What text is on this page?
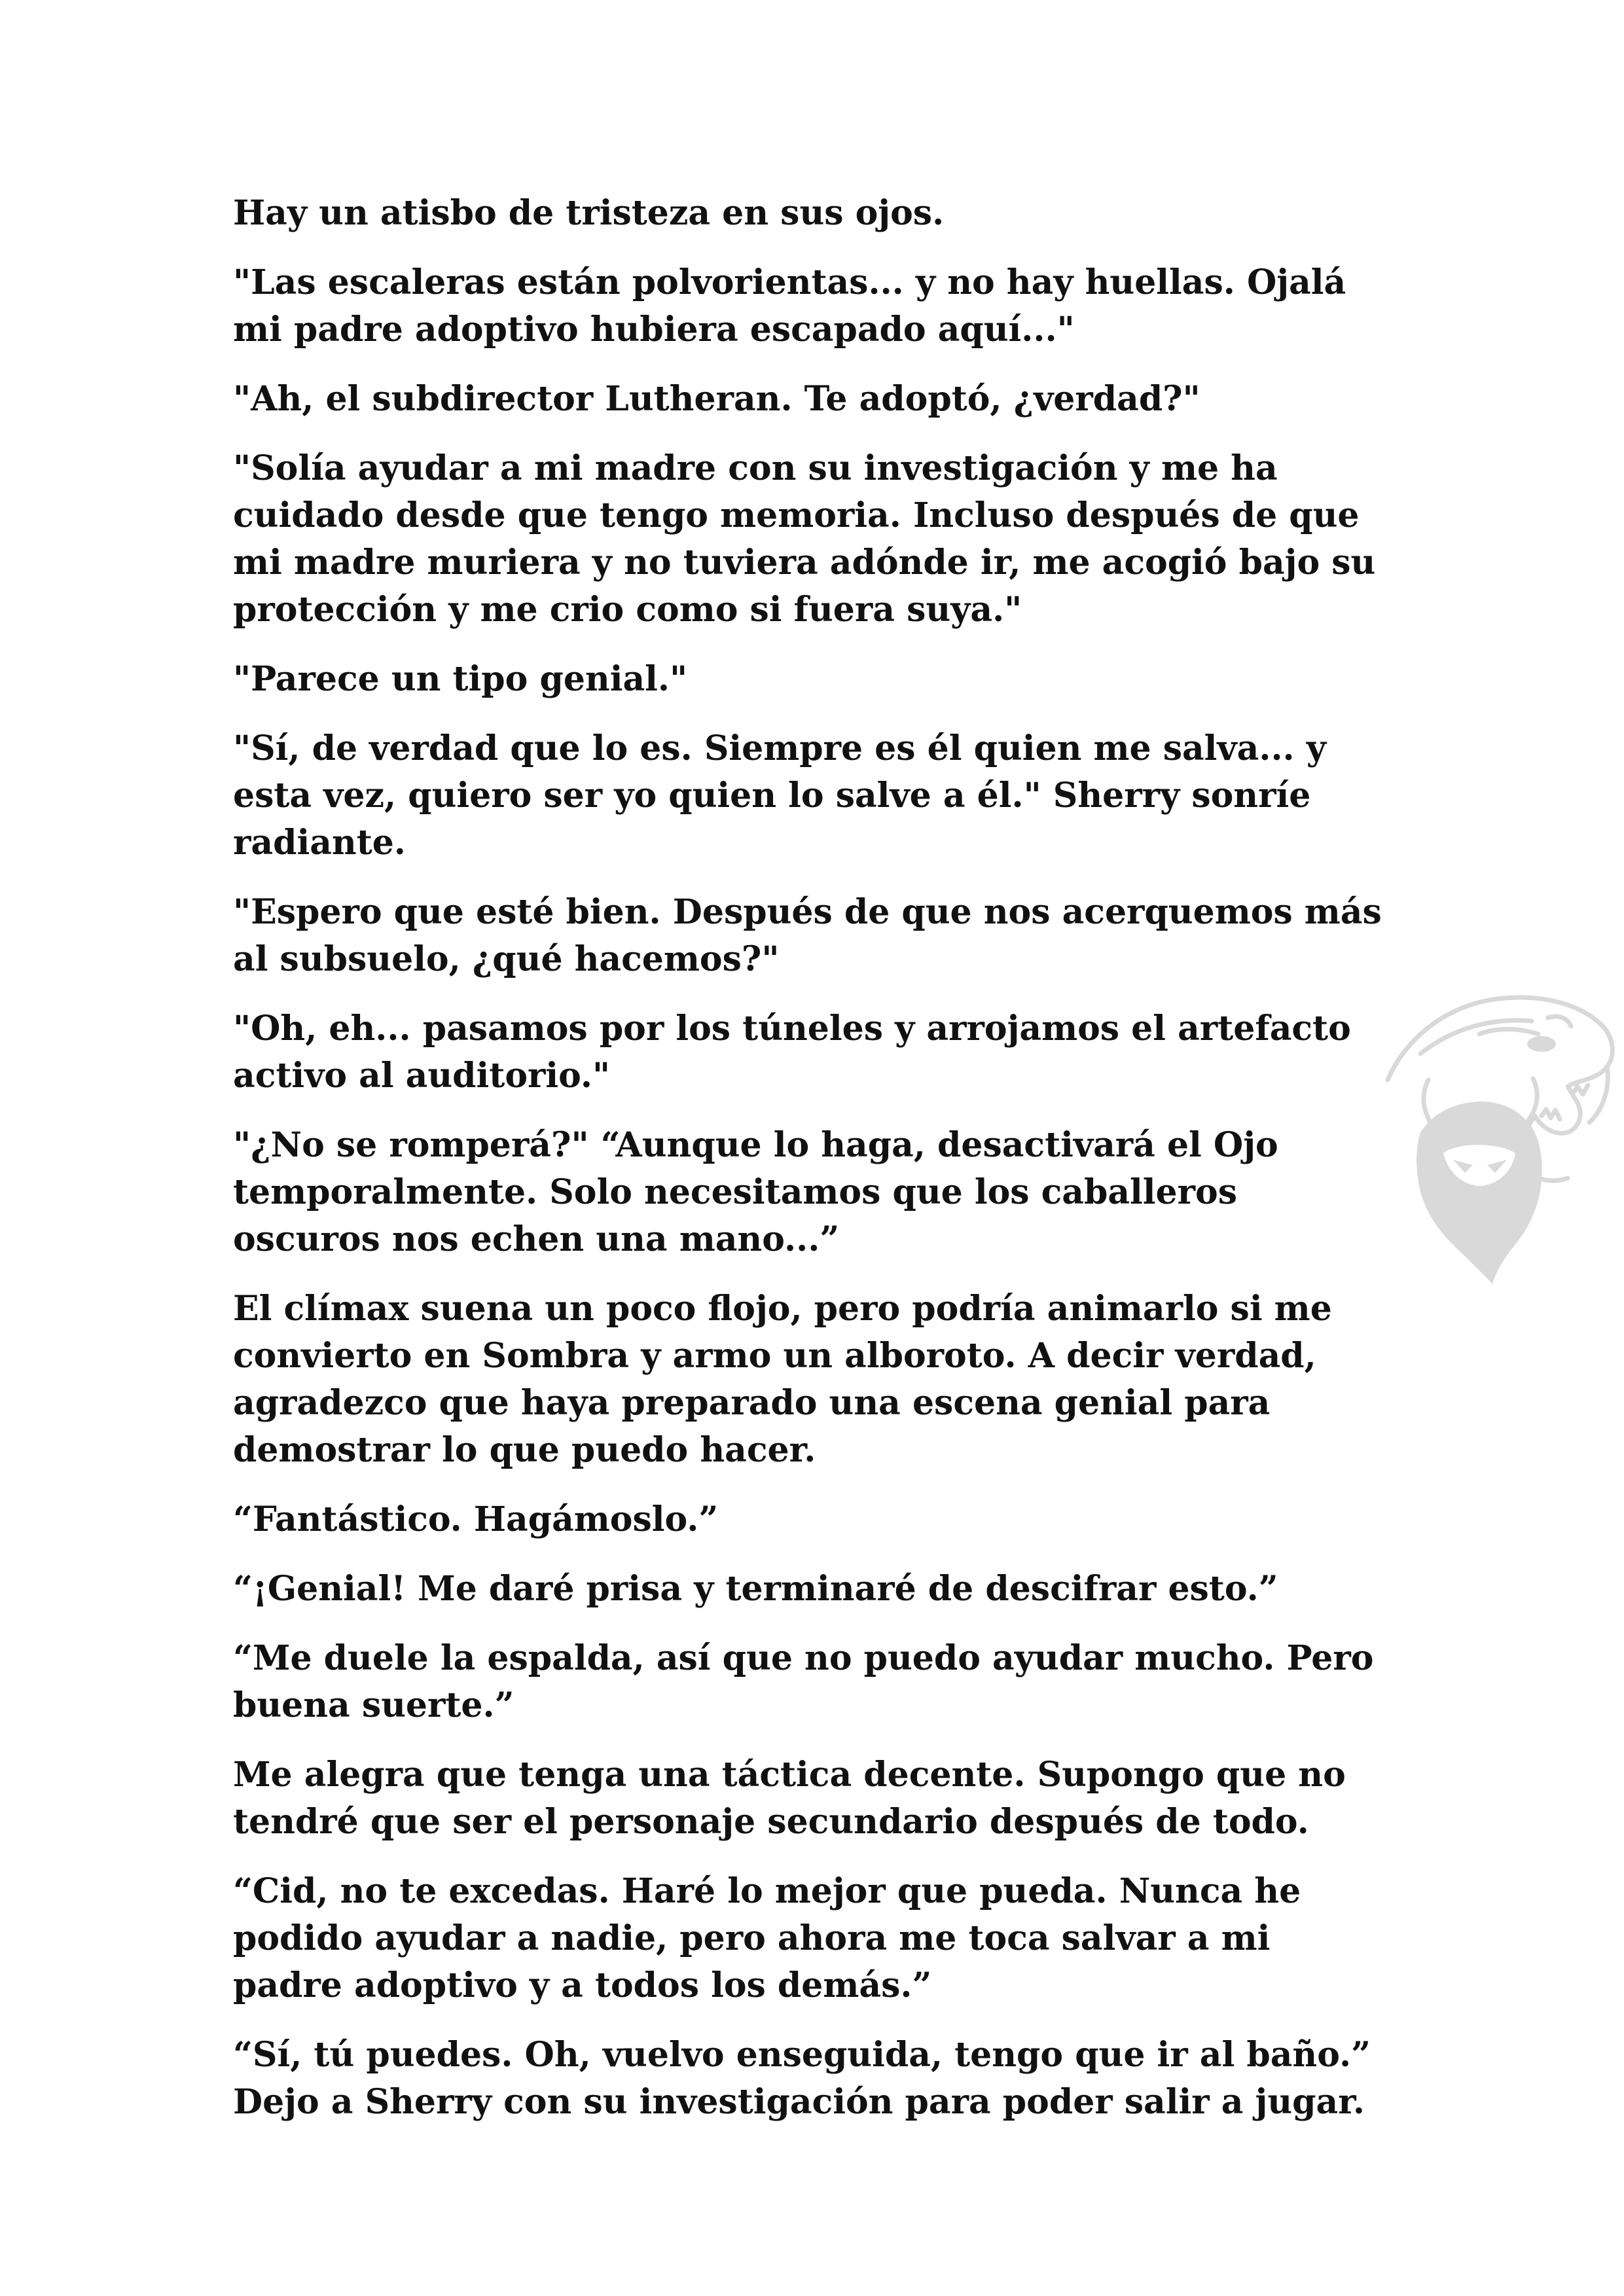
Hay un atisbo de tristeza en sus ojos.

"Las escaleras están polvorientas... y no hay huellas. Ojalá
mi padre adoptivo hubiera escapado aquí..."

"Ah, el subdirector Lutheran. Te adoptó, ¿verdad?"

"Solía ayudar a mi madre con su investigación y me ha
cuidado desde que tengo memoria. Incluso después de que
mi madre muriera y no tuviera adónde ir, me acogió bajo su
protección y me crio como si fuera suya."

"Parece un tipo genial."

"Sí, de verdad que lo es. Siempre es él quien me salva... y
esta vez, quiero ser yo quien lo salve a él." Sherry sonríe
radiante.

"Espero que esté bien. Después de que nos acerquemos más
al subsuelo, ¿qué hacemos?"

"Oh, eh... pasamos por los túneles y arrojamos el artefacto
activo al auditorio."

"¿No se romperá?" “Aunque lo haga, desactivará el Ojo
temporalmente. Solo necesitamos que los caballeros
oscuros nos echen una mano...”

El clímax suena un poco flojo, pero podría animarlo si me
convierto en Sombra y armo un alboroto. A decir verdad,
agradezco que haya preparado una escena genial para
demostrar lo que puedo hacer.

“Fantástico. Hagámoslo.”

“¡Genial! Me daré prisa y terminaré de descifrar esto.”

“Me duele la espalda, así que no puedo ayudar mucho. Pero
buena suerte.”

Me alegra que tenga una táctica decente. Supongo que no
tendré que ser el personaje secundario después de todo.

“Cid, no te excedas. Haré lo mejor que pueda. Nunca he
podido ayudar a nadie, pero ahora me toca salvar a mi
padre adoptivo y a todos los demás.”

“Sí, tú puedes. Oh, vuelvo enseguida, tengo que ir al baño.”
Dejo a Sherry con su investigación para poder salir a jugar.
